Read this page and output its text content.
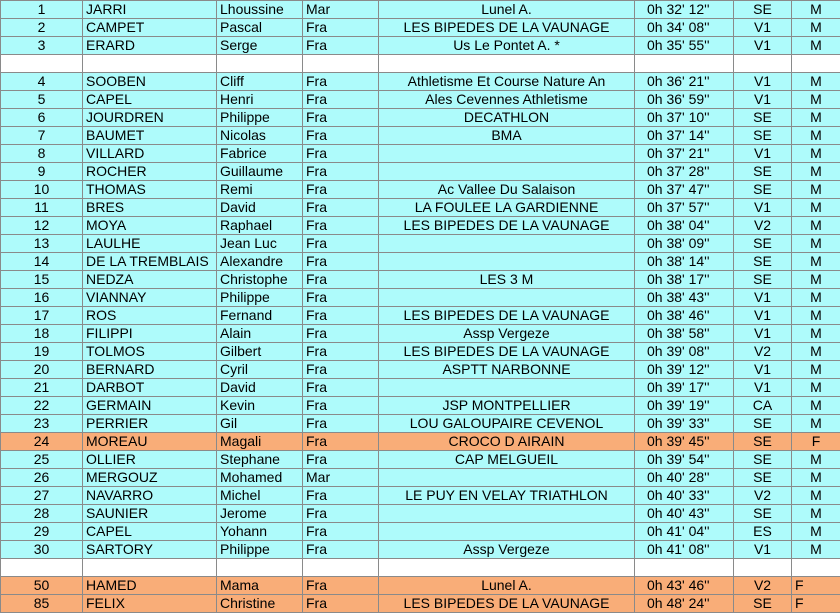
1	JARRI	Lhoussine	Mar	Lunel A.	0h 32' 12''	SE	M
2	CAMPET	Pascal	Fra	LES BIPEDES DE LA VAUNAGE	0h 34' 08''	V1	M
3	ERARD	Serge	Fra	Us Le Pontet A. *	0h 35' 55''	V1	M

4	SOOBEN	Cliff	Fra	Athletisme Et Course Nature An	0h 36' 21''	V1	M
5	CAPEL	Henri	Fra	Ales Cevennes Athletisme	0h 36' 59''	V1	M
6	JOURDREN	Philippe	Fra	DECATHLON	0h 37' 10''	SE	M
7	BAUMET	Nicolas	Fra	BMA	0h 37' 14''	SE	M
8	VILLARD	Fabrice	Fra		0h 37' 21''	V1	M
9	ROCHER	Guillaume	Fra		0h 37' 28''	SE	M
10	THOMAS	Remi	Fra	Ac Vallee Du Salaison	0h 37' 47''	SE	M
11	BRES	David	Fra	LA FOULEE LA GARDIENNE	0h 37' 57''	V1	M
12	MOYA	Raphael	Fra	LES BIPEDES DE LA VAUNAGE	0h 38' 04''	V2	M
13	LAULHE	Jean Luc	Fra		0h 38' 09''	SE	M
14	DE LA TREMBLAIS	Alexandre	Fra		0h 38' 14''	SE	M
15	NEDZA	Christophe	Fra	LES 3 M	0h 38' 17''	SE	M
16	VIANNAY	Philippe	Fra		0h 38' 43''	V1	M
17	ROS	Fernand	Fra	LES BIPEDES DE LA VAUNAGE	0h 38' 46''	V1	M
18	FILIPPI	Alain	Fra	Assp Vergeze	0h 38' 58''	V1	M
19	TOLMOS	Gilbert	Fra	LES BIPEDES DE LA VAUNAGE	0h 39' 08''	V2	M
20	BERNARD	Cyril	Fra	ASPTT NARBONNE	0h 39' 12''	V1	M
21	DARBOT	David	Fra		0h 39' 17''	V1	M
22	GERMAIN	Kevin	Fra	JSP MONTPELLIER	0h 39' 19''	CA	M
23	PERRIER	Gil	Fra	LOU GALOUPAIRE CEVENOL	0h 39' 33''	SE	M
24	MOREAU	Magali	Fra	CROCO D AIRAIN	0h 39' 45''	SE	F
25	OLLIER	Stephane	Fra	CAP MELGUEIL	0h 39' 54''	SE	M
26	MERGOUZ	Mohamed	Mar		0h 40' 28''	SE	M
27	NAVARRO	Michel	Fra	LE PUY EN VELAY TRIATHLON	0h 40' 33''	V2	M
28	SAUNIER	Jerome	Fra		0h 40' 43''	SE	M
29	CAPEL	Yohann	Fra		0h 41' 04''	ES	M
30	SARTORY	Philippe	Fra	Assp Vergeze	0h 41' 08''	V1	M

50	HAMED	Mama	Fra	Lunel A.	0h 43' 46''	V2	F
85	FELIX	Christine	Fra	LES BIPEDES DE LA VAUNAGE	0h 48' 24''	SE	F
